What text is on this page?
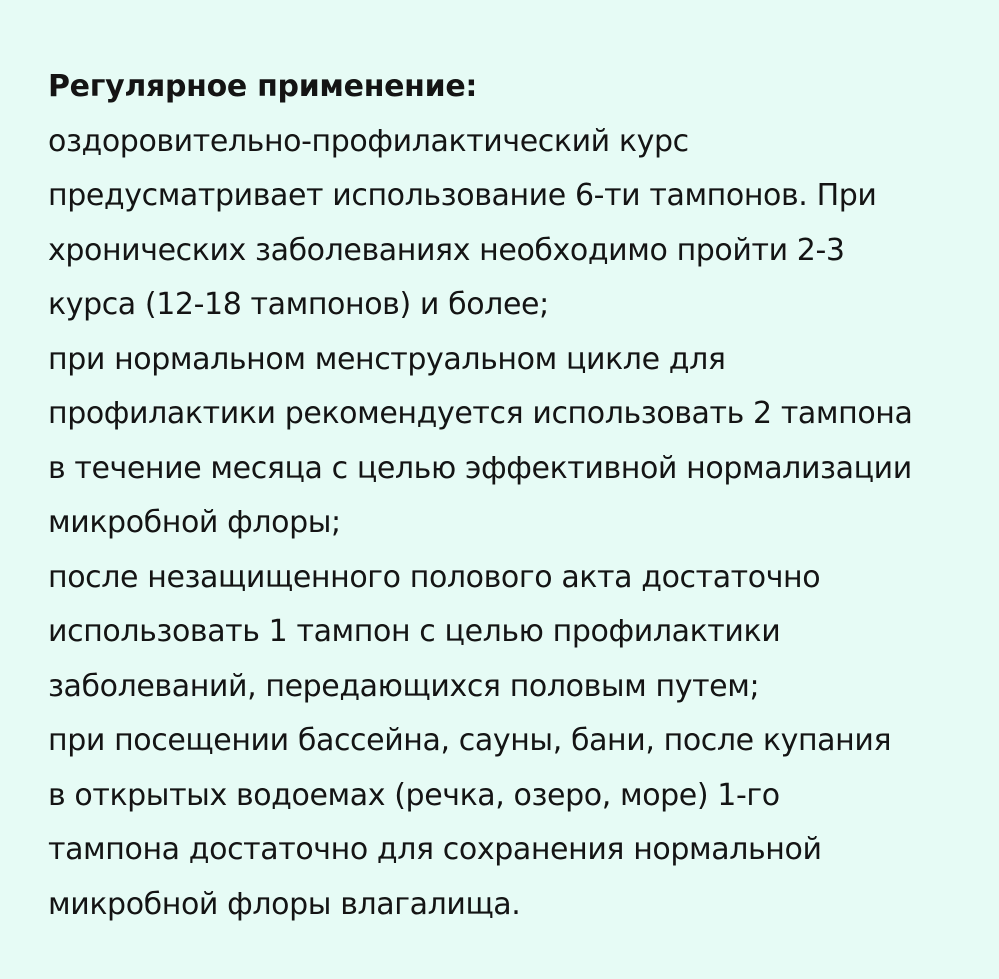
Регулярное применение:
оздоровительно-профилактический курс
предусматривает использование 6-ти тампонов. При
хронических заболеваниях необходимо пройти 2-3
курса (12-18 тампонов) и более;
при нормальном менструальном цикле для
профилактики рекомендуется использовать 2 тампона
в течение месяца с целью эффективной нормализации
микробной флоры;
после незащищенного полового акта достаточно
использовать 1 тампон с целью профилактики
заболеваний, передающихся половым путем;
при посещении бассейна, сауны, бани, после купания
в открытых водоемах (речка, озеро, море) 1-го
тампона достаточно для сохранения нормальной
микробной флоры влагалища.
